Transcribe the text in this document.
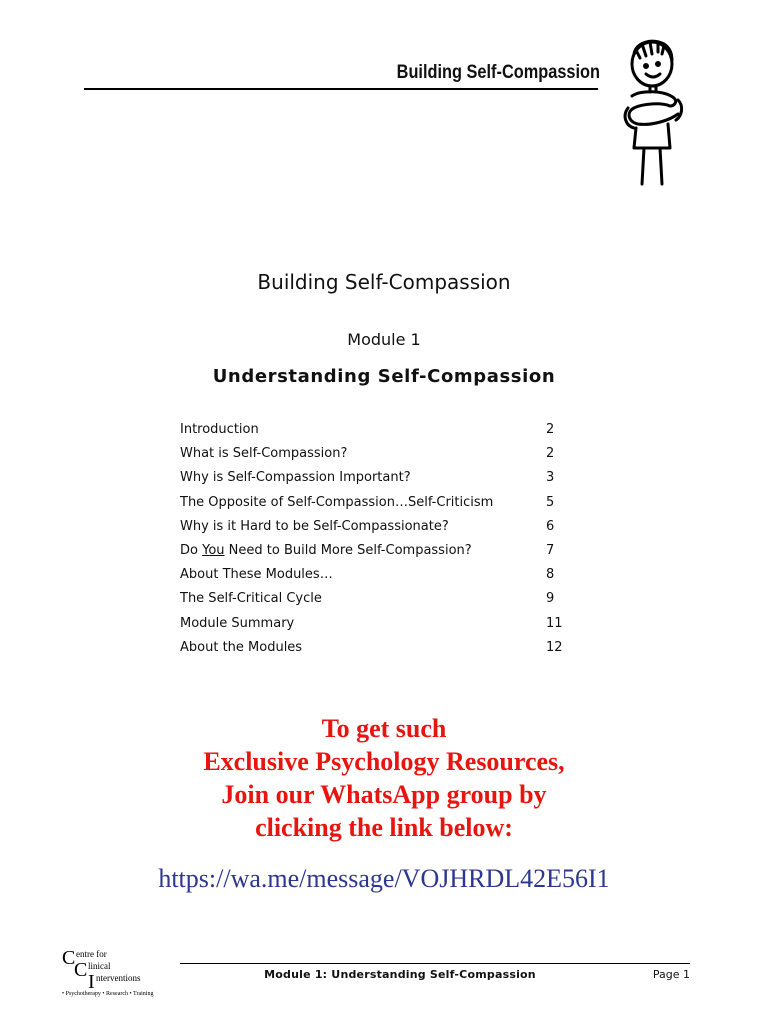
Building Self-Compassion
Building Self-Compassion
Module 1
Understanding Self-Compassion
Introduction	2
What is Self-Compassion?	2
Why is Self-Compassion Important?	3
The Opposite of Self-Compassion…Self-Criticism	5
Why is it Hard to be Self-Compassionate?	6
Do You Need to Build More Self-Compassion?	7
About These Modules…	8
The Self-Critical Cycle	9
Module Summary	11
About the Modules	12
To get such
Exclusive Psychology Resources,
Join our WhatsApp group by
clicking the link below:
https://wa.me/message/VOJHRDL42E56I1
C entre for
C linical
I nterventions
• Psychotherapy • Research • Training
Module 1: Understanding Self-Compassion	Page 1
